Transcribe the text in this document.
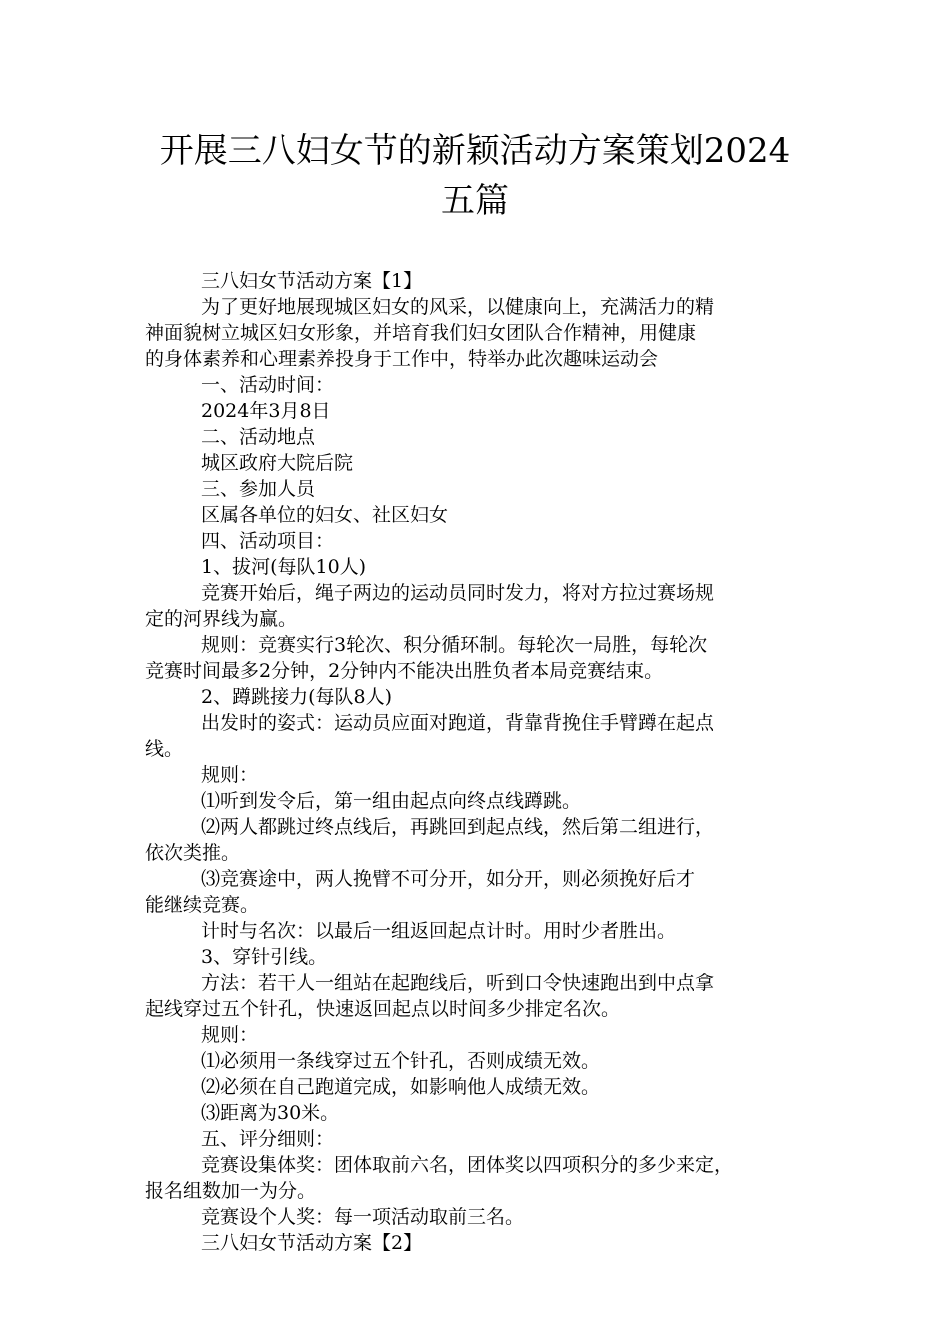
开展三八妇女节的新颖活动方案策划2024
五篇

三八妇女节活动方案【1】

为了更好地展现城区妇女的风采，以健康向上，充满活力的精

神面貌树立城区妇女形象，并培育我们妇女团队合作精神，用健康

的身体素养和心理素养投身于工作中，特举办此次趣味运动会

一、活动时间：

2024年3月8日

二、活动地点

城区政府大院后院

三、参加人员

区属各单位的妇女、社区妇女

四、活动项目：

1、拔河(每队10人)

竞赛开始后，绳子两边的运动员同时发力，将对方拉过赛场规

定的河界线为赢。

规则：竞赛实行3轮次、积分循环制。每轮次一局胜，每轮次

竞赛时间最多2分钟，2分钟内不能决出胜负者本局竞赛结束。

2、蹲跳接力(每队8人)

出发时的姿式：运动员应面对跑道，背靠背挽住手臂蹲在起点

线。

规则：

⑴听到发令后，第一组由起点向终点线蹲跳。

⑵两人都跳过终点线后，再跳回到起点线，然后第二组进行，

依次类推。

⑶竞赛途中，两人挽臂不可分开，如分开，则必须挽好后才

能继续竞赛。

计时与名次：以最后一组返回起点计时。用时少者胜出。

3、穿针引线。

方法：若干人一组站在起跑线后，听到口令快速跑出到中点拿

起线穿过五个针孔，快速返回起点以时间多少排定名次。

规则：

⑴必须用一条线穿过五个针孔，否则成绩无效。

⑵必须在自己跑道完成，如影响他人成绩无效。

⑶距离为30米。

五、评分细则：

竞赛设集体奖：团体取前六名，团体奖以四项积分的多少来定，

报名组数加一为分。

竞赛设个人奖：每一项活动取前三名。

三八妇女节活动方案【2】
